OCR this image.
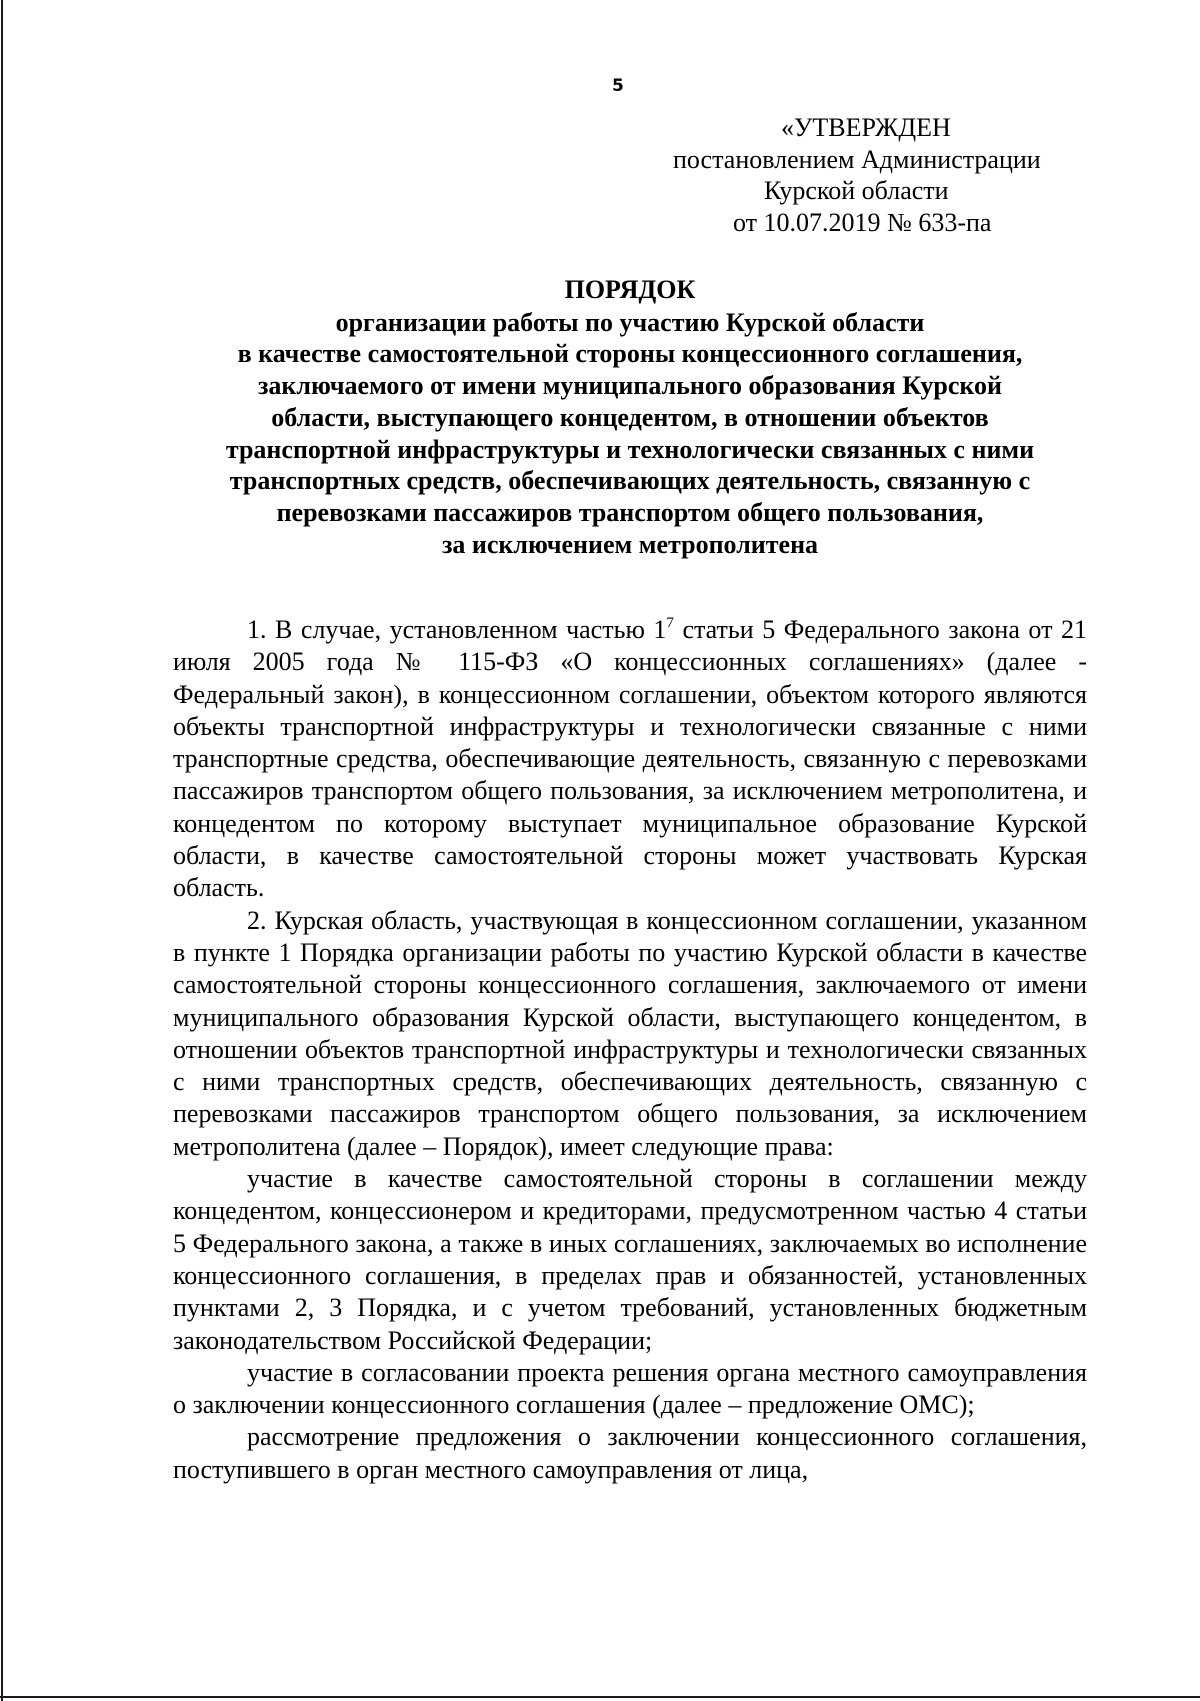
5
«УТВЕРЖДЕН
постановлением Администрации
Курской области
от 10.07.2019 № 633-па
ПОРЯДОК
организации работы по участию Курской области
в качестве самостоятельной стороны концессионного соглашения,
заключаемого от имени муниципального образования Курской
области, выступающего концедентом, в отношении объектов
транспортной инфраструктуры и технологически связанных с ними
транспортных средств, обеспечивающих деятельность, связанную с
перевозками пассажиров транспортом общего пользования,
за исключением метрополитена

1. В случае, установленном частью $1^7$ статьи 5 Федерального закона от 21 июля 2005 года № 115-ФЗ «О концессионных соглашениях» (далее - Федеральный закон), в концессионном соглашении, объектом которого являются объекты транспортной инфраструктуры и технологически связанные с ними транспортные средства, обеспечивающие деятельность, связанную с перевозками пассажиров транспортом общего пользования, за исключением метрополитена, и концедентом по которому выступает муниципальное образование Курской области, в качестве самостоятельной стороны может участвовать Курская область.

2. Курская область, участвующая в концессионном соглашении, указанном в пункте 1 Порядка организации работы по участию Курской области в качестве самостоятельной стороны концессионного соглашения, заключаемого от имени муниципального образования Курской области, выступающего концедентом, в отношении объектов транспортной инфраструктуры и технологически связанных с ними транспортных средств, обеспечивающих деятельность, связанную с перевозками пассажиров транспортом общего пользования, за исключением метрополитена (далее – Порядок), имеет следующие права:

участие в качестве самостоятельной стороны в соглашении между концедентом, концессионером и кредиторами, предусмотренном частью 4 статьи 5 Федерального закона, а также в иных соглашениях, заключаемых во исполнение концессионного соглашения, в пределах прав и обязанностей, установленных пунктами 2, 3 Порядка, и с учетом требований, установленных бюджетным законодательством Российской Федерации;

участие в согласовании проекта решения органа местного самоуправления о заключении концессионного соглашения (далее – предложение ОМС);

рассмотрение предложения о заключении концессионного соглашения, поступившего в орган местного самоуправления от лица,
